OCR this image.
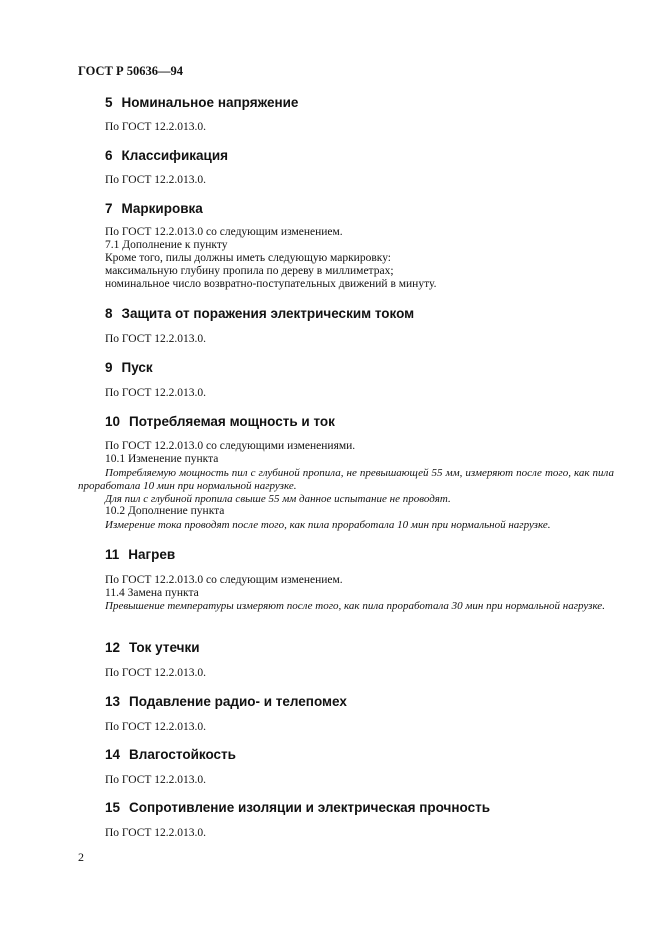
ГОСТ Р 50636—94
5 Номинальное напряжение
По ГОСТ 12.2.013.0.
6 Классификация
По ГОСТ 12.2.013.0.
7 Маркировка
По ГОСТ 12.2.013.0 со следующим изменением.
7.1 Дополнение к пункту
Кроме того, пилы должны иметь следующую маркировку:
максимальную глубину пропила по дереву в миллиметрах;
номинальное число возвратно-поступательных движений в минуту.
8 Защита от поражения электрическим током
По ГОСТ 12.2.013.0.
9 Пуск
По ГОСТ 12.2.013.0.
10 Потребляемая мощность и ток
По ГОСТ 12.2.013.0 со следующими изменениями.
10.1 Изменение пункта
Потребляемую мощность пил с глубиной пропила, не превышающей 55 мм, измеряют после того, как пила проработала 10 мин при нормальной нагрузке.
Для пил с глубиной пропила свыше 55 мм данное испытание не проводят.
10.2 Дополнение пункта
Измерение тока проводят после того, как пила проработала 10 мин при нормальной нагрузке.
11 Нагрев
По ГОСТ 12.2.013.0 со следующим изменением.
11.4 Замена пункта
Превышение температуры измеряют после того, как пила проработала 30 мин при нормальной нагрузке.
12 Ток утечки
По ГОСТ 12.2.013.0.
13 Подавление радио- и телепомех
По ГОСТ 12.2.013.0.
14 Влагостойкость
По ГОСТ 12.2.013.0.
15 Сопротивление изоляции и электрическая прочность
По ГОСТ 12.2.013.0.
2
